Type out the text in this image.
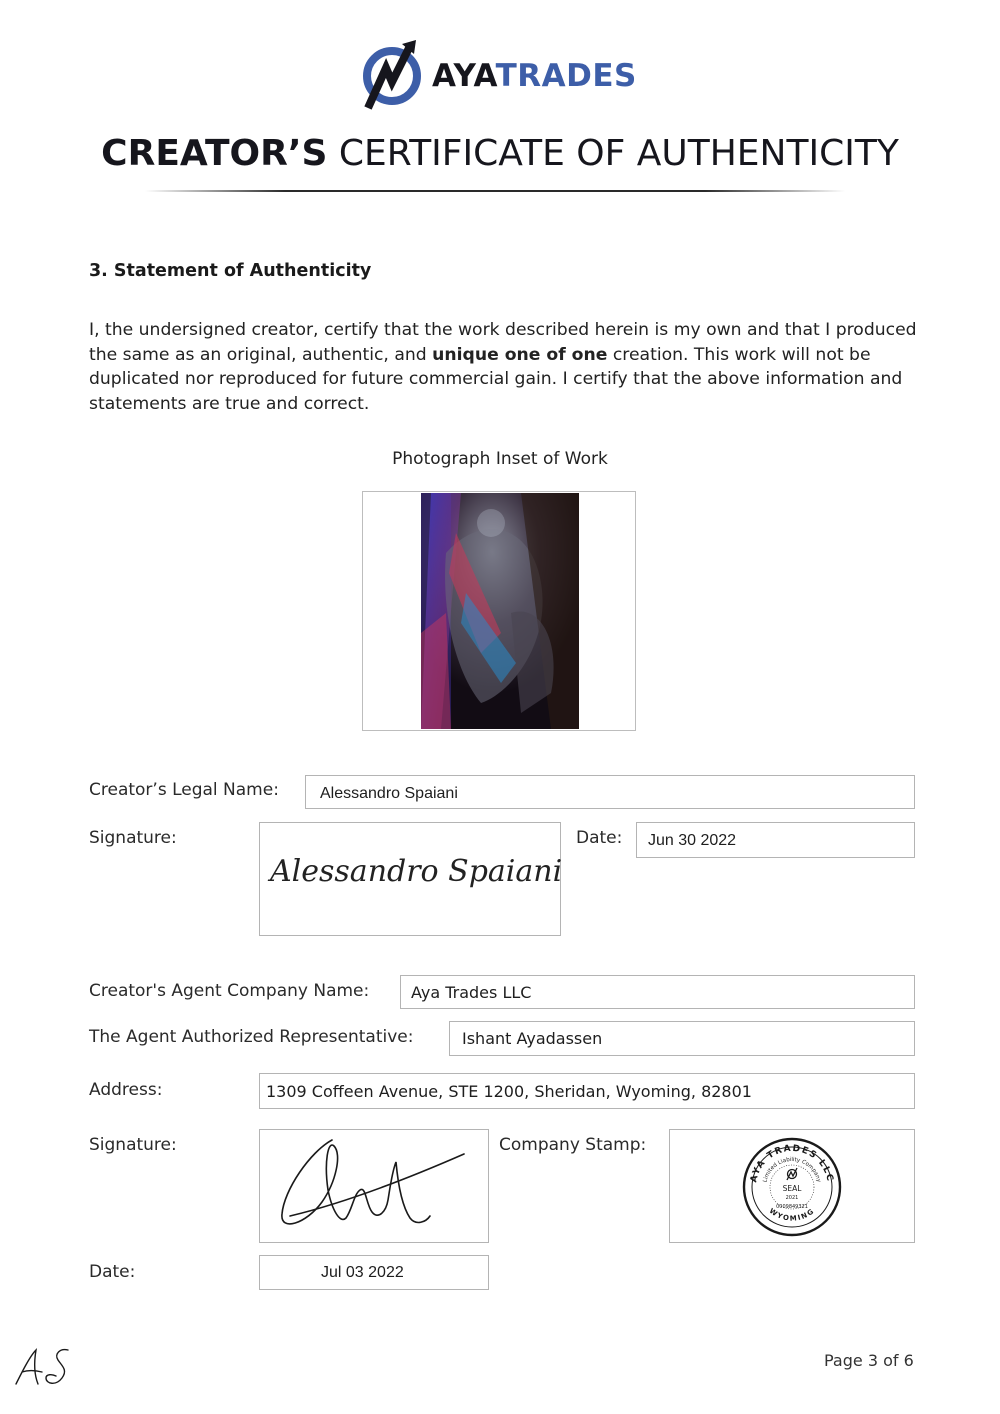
AYATRADES
CREATOR’S CERTIFICATE OF AUTHENTICITY
3. Statement of Authenticity
I, the undersigned creator, certify that the work described herein is my own and that I produced the same as an original, authentic, and unique one of one creation. This work will not be duplicated nor reproduced for future commercial gain. I certify that the above information and statements are true and correct.
Photograph Inset of Work
Creator’s Legal Name:	Alessandro Spaiani
Signature:
Alessandro Spaiani
Date: Jun 30 2022
Creator's Agent Company Name:	Aya Trades LLC
The Agent Authorized Representative:	Ishant Ayadassen
Address:	1309 Coffeen Avenue, STE 1200, Sheridan, Wyoming, 82801
Signature:	Company Stamp:
AYA TRADES LLC
Limited Liability Company
WYOMING
SEAL
2021
0009849321
Date:	Jul 03 2022
Page 3 of 6
